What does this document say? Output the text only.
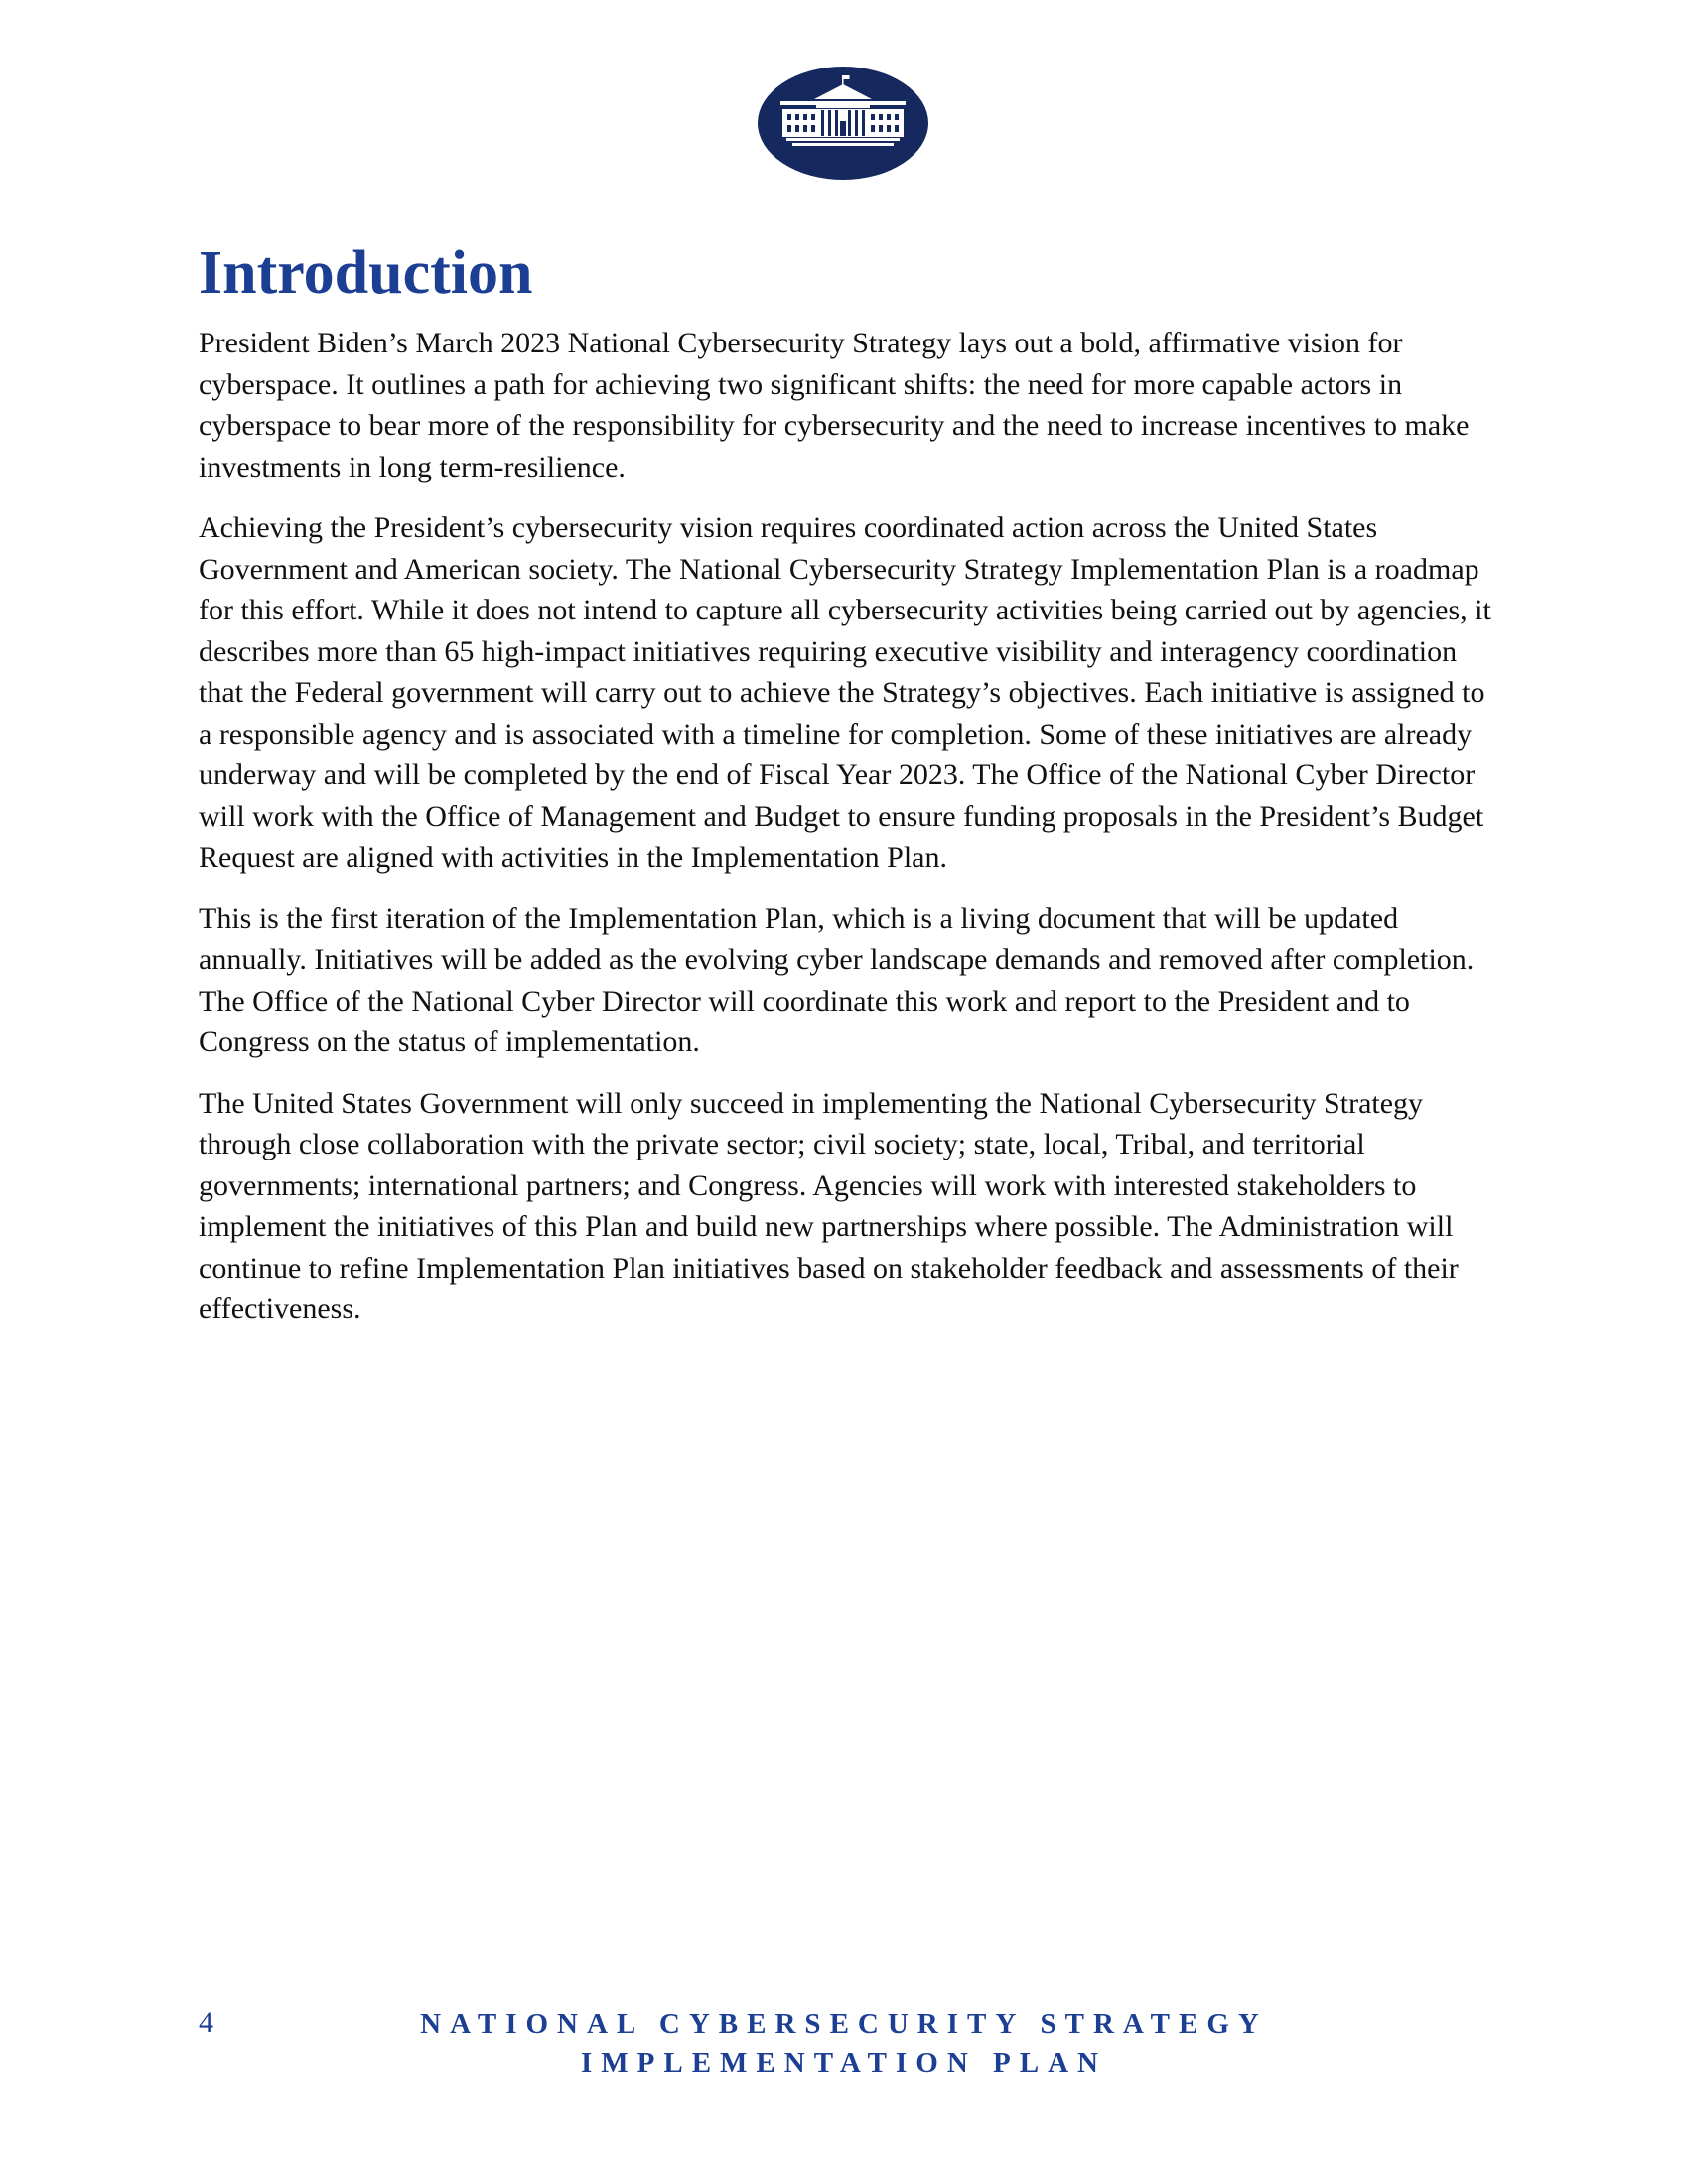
Introduction

President Biden’s March 2023 National Cybersecurity Strategy lays out a bold, affirmative vision for cyberspace. It outlines a path for achieving two significant shifts: the need for more capable actors in cyberspace to bear more of the responsibility for cybersecurity and the need to increase incentives to make investments in long term-resilience.

Achieving the President’s cybersecurity vision requires coordinated action across the United States Government and American society. The National Cybersecurity Strategy Implementation Plan is a roadmap for this effort. While it does not intend to capture all cybersecurity activities being carried out by agencies, it describes more than 65 high-impact initiatives requiring executive visibility and interagency coordination that the Federal government will carry out to achieve the Strategy’s objectives. Each initiative is assigned to a responsible agency and is associated with a timeline for completion. Some of these initiatives are already underway and will be completed by the end of Fiscal Year 2023. The Office of the National Cyber Director will work with the Office of Management and Budget to ensure funding proposals in the President’s Budget Request are aligned with activities in the Implementation Plan.

This is the first iteration of the Implementation Plan, which is a living document that will be updated annually. Initiatives will be added as the evolving cyber landscape demands and removed after completion. The Office of the National Cyber Director will coordinate this work and report to the President and to Congress on the status of implementation.

The United States Government will only succeed in implementing the National Cybersecurity Strategy through close collaboration with the private sector; civil society; state, local, Tribal, and territorial governments; international partners; and Congress. Agencies will work with interested stakeholders to implement the initiatives of this Plan and build new partnerships where possible. The Administration will continue to refine Implementation Plan initiatives based on stakeholder feedback and assessments of their effectiveness.

4	NATIONAL CYBERSECURITY STRATEGY
IMPLEMENTATION PLAN
